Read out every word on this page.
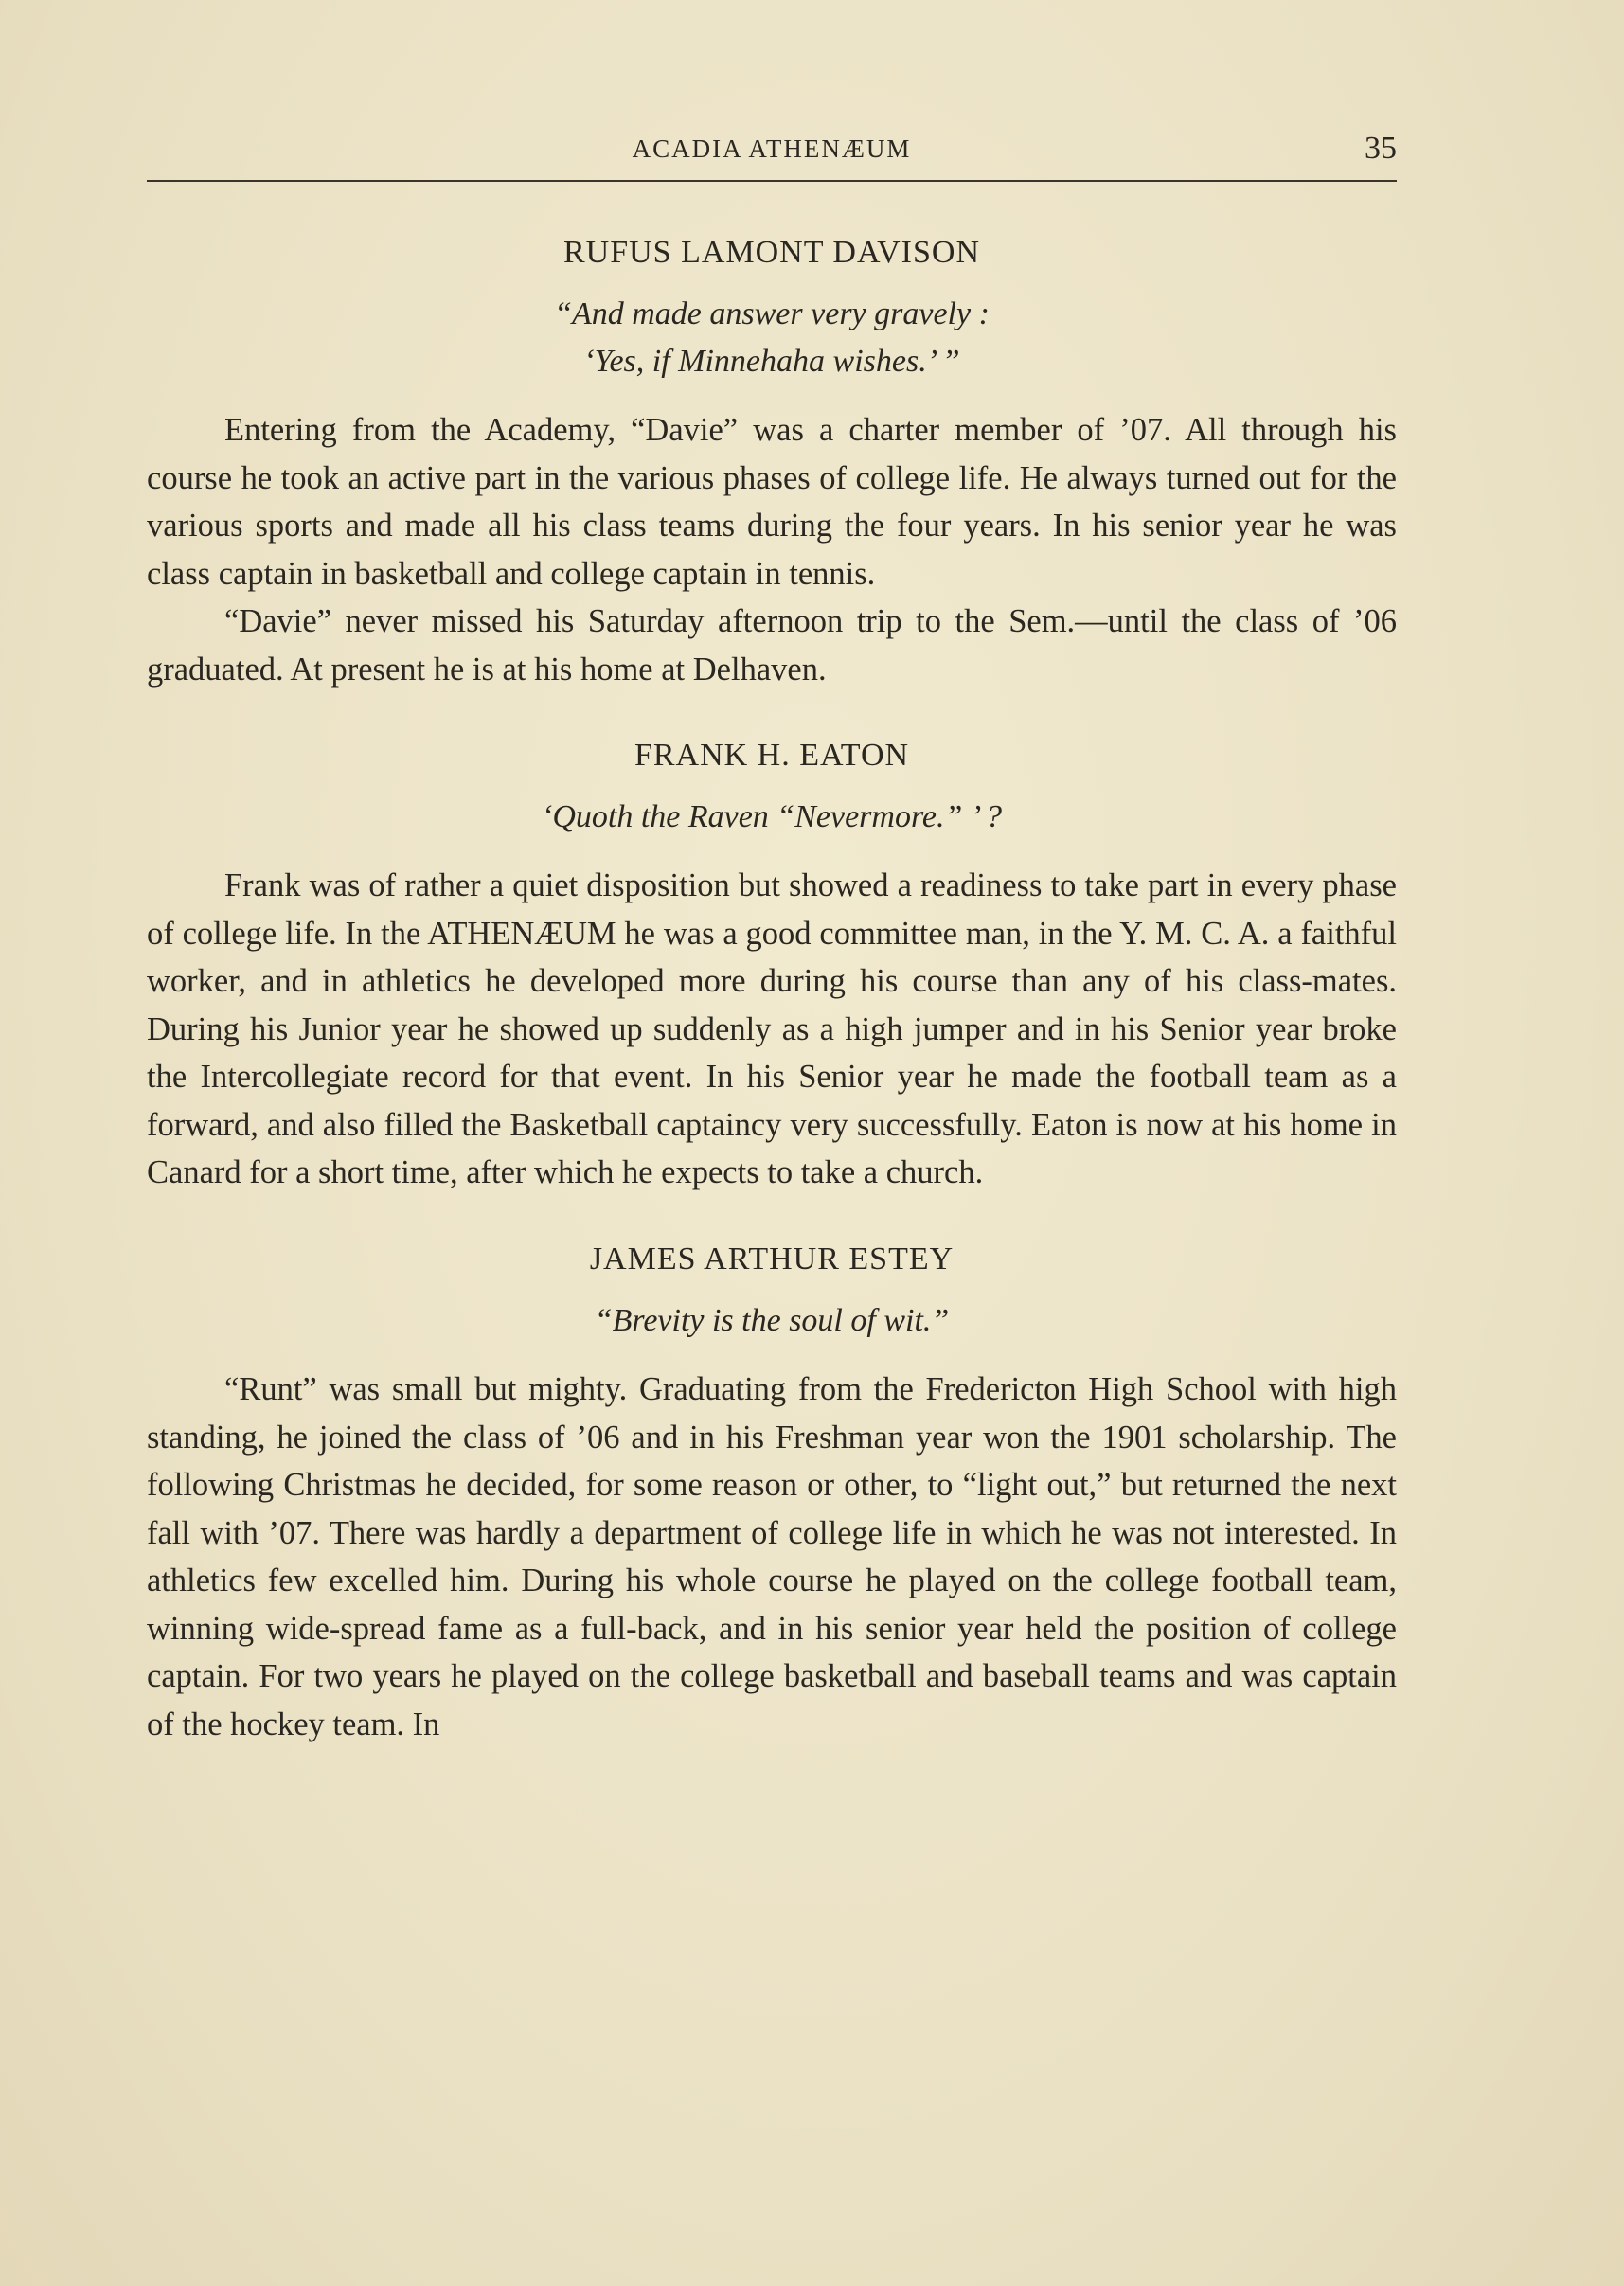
ACADIA ATHENÆUM	35
RUFUS LAMONT DAVISON
“And made answer very gravely :
‘Yes, if Minnehaha wishes.’ ”

Entering from the Academy, “Davie” was a charter member of ’07. All through his course he took an active part in the various phases of college life. He always turned out for the various sports and made all his class teams during the four years. In his senior year he was class captain in basketball and college captain in tennis.

“Davie” never missed his Saturday afternoon trip to the Sem.—until the class of ’06 graduated. At present he is at his home at Delhaven.

FRANK H. EATON
‘Quoth the Raven “Nevermore.” ’ ?

Frank was of rather a quiet disposition but showed a readiness to take part in every phase of college life. In the ATHENÆUM he was a good committee man, in the Y. M. C. A. a faithful worker, and in athletics he developed more during his course than any of his class-mates. During his Junior year he showed up suddenly as a high jumper and in his Senior year broke the Intercollegiate record for that event. In his Senior year he made the football team as a forward, and also filled the Basketball captaincy very successfully. Eaton is now at his home in Canard for a short time, after which he expects to take a church.

JAMES ARTHUR ESTEY
“Brevity is the soul of wit.”

“Runt” was small but mighty. Graduating from the Fredericton High School with high standing, he joined the class of ’06 and in his Freshman year won the 1901 scholarship. The following Christmas he decided, for some reason or other, to “light out,” but returned the next fall with ’07. There was hardly a department of college life in which he was not interested. In athletics few excelled him. During his whole course he played on the college football team, winning wide-spread fame as a full-back, and in his senior year held the position of college captain. For two years he played on the college basketball and baseball teams and was captain of the hockey team. In
